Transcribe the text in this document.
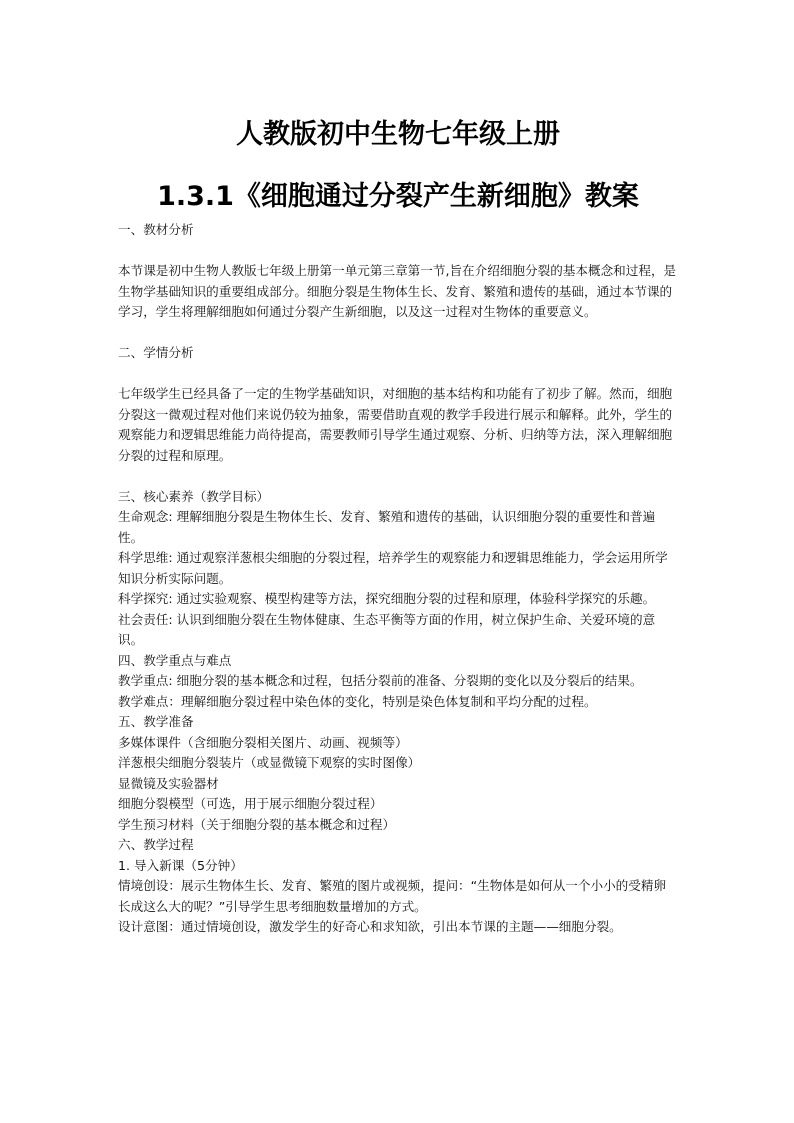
人教版初中生物七年级上册
1.3.1《细胞通过分裂产生新细胞》教案

一、教材分析

本节课是初中生物人教版七年级上册第一单元第三章第一节,旨在介绍细胞分裂的基本概念和过程，是生物学基础知识的重要组成部分。细胞分裂是生物体生长、发育、繁殖和遗传的基础，通过本节课的学习，学生将理解细胞如何通过分裂产生新细胞，以及这一过程对生物体的重要意义。

二、学情分析

七年级学生已经具备了一定的生物学基础知识，对细胞的基本结构和功能有了初步了解。然而，细胞分裂这一微观过程对他们来说仍较为抽象，需要借助直观的教学手段进行展示和解释。此外，学生的观察能力和逻辑思维能力尚待提高，需要教师引导学生通过观察、分析、归纳等方法，深入理解细胞分裂的过程和原理。

三、核心素养（教学目标）

生命观念: 理解细胞分裂是生物体生长、发育、繁殖和遗传的基础，认识细胞分裂的重要性和普遍性。

科学思维: 通过观察洋葱根尖细胞的分裂过程，培养学生的观察能力和逻辑思维能力，学会运用所学知识分析实际问题。

科学探究: 通过实验观察、模型构建等方法，探究细胞分裂的过程和原理，体验科学探究的乐趣。

社会责任: 认识到细胞分裂在生物体健康、生态平衡等方面的作用，树立保护生命、关爱环境的意识。

四、教学重点与难点

教学重点: 细胞分裂的基本概念和过程，包括分裂前的准备、分裂期的变化以及分裂后的结果。

教学难点：理解细胞分裂过程中染色体的变化，特别是染色体复制和平均分配的过程。

五、教学准备

多媒体课件（含细胞分裂相关图片、动画、视频等）

洋葱根尖细胞分裂装片（或显微镜下观察的实时图像）

显微镜及实验器材

细胞分裂模型（可选，用于展示细胞分裂过程）

学生预习材料（关于细胞分裂的基本概念和过程）

六、教学过程

1. 导入新课（5分钟）

情境创设：展示生物体生长、发育、繁殖的图片或视频，提问：“生物体是如何从一个小小的受精卵长成这么大的呢？”引导学生思考细胞数量增加的方式。

设计意图：通过情境创设，激发学生的好奇心和求知欲，引出本节课的主题——细胞分裂。
